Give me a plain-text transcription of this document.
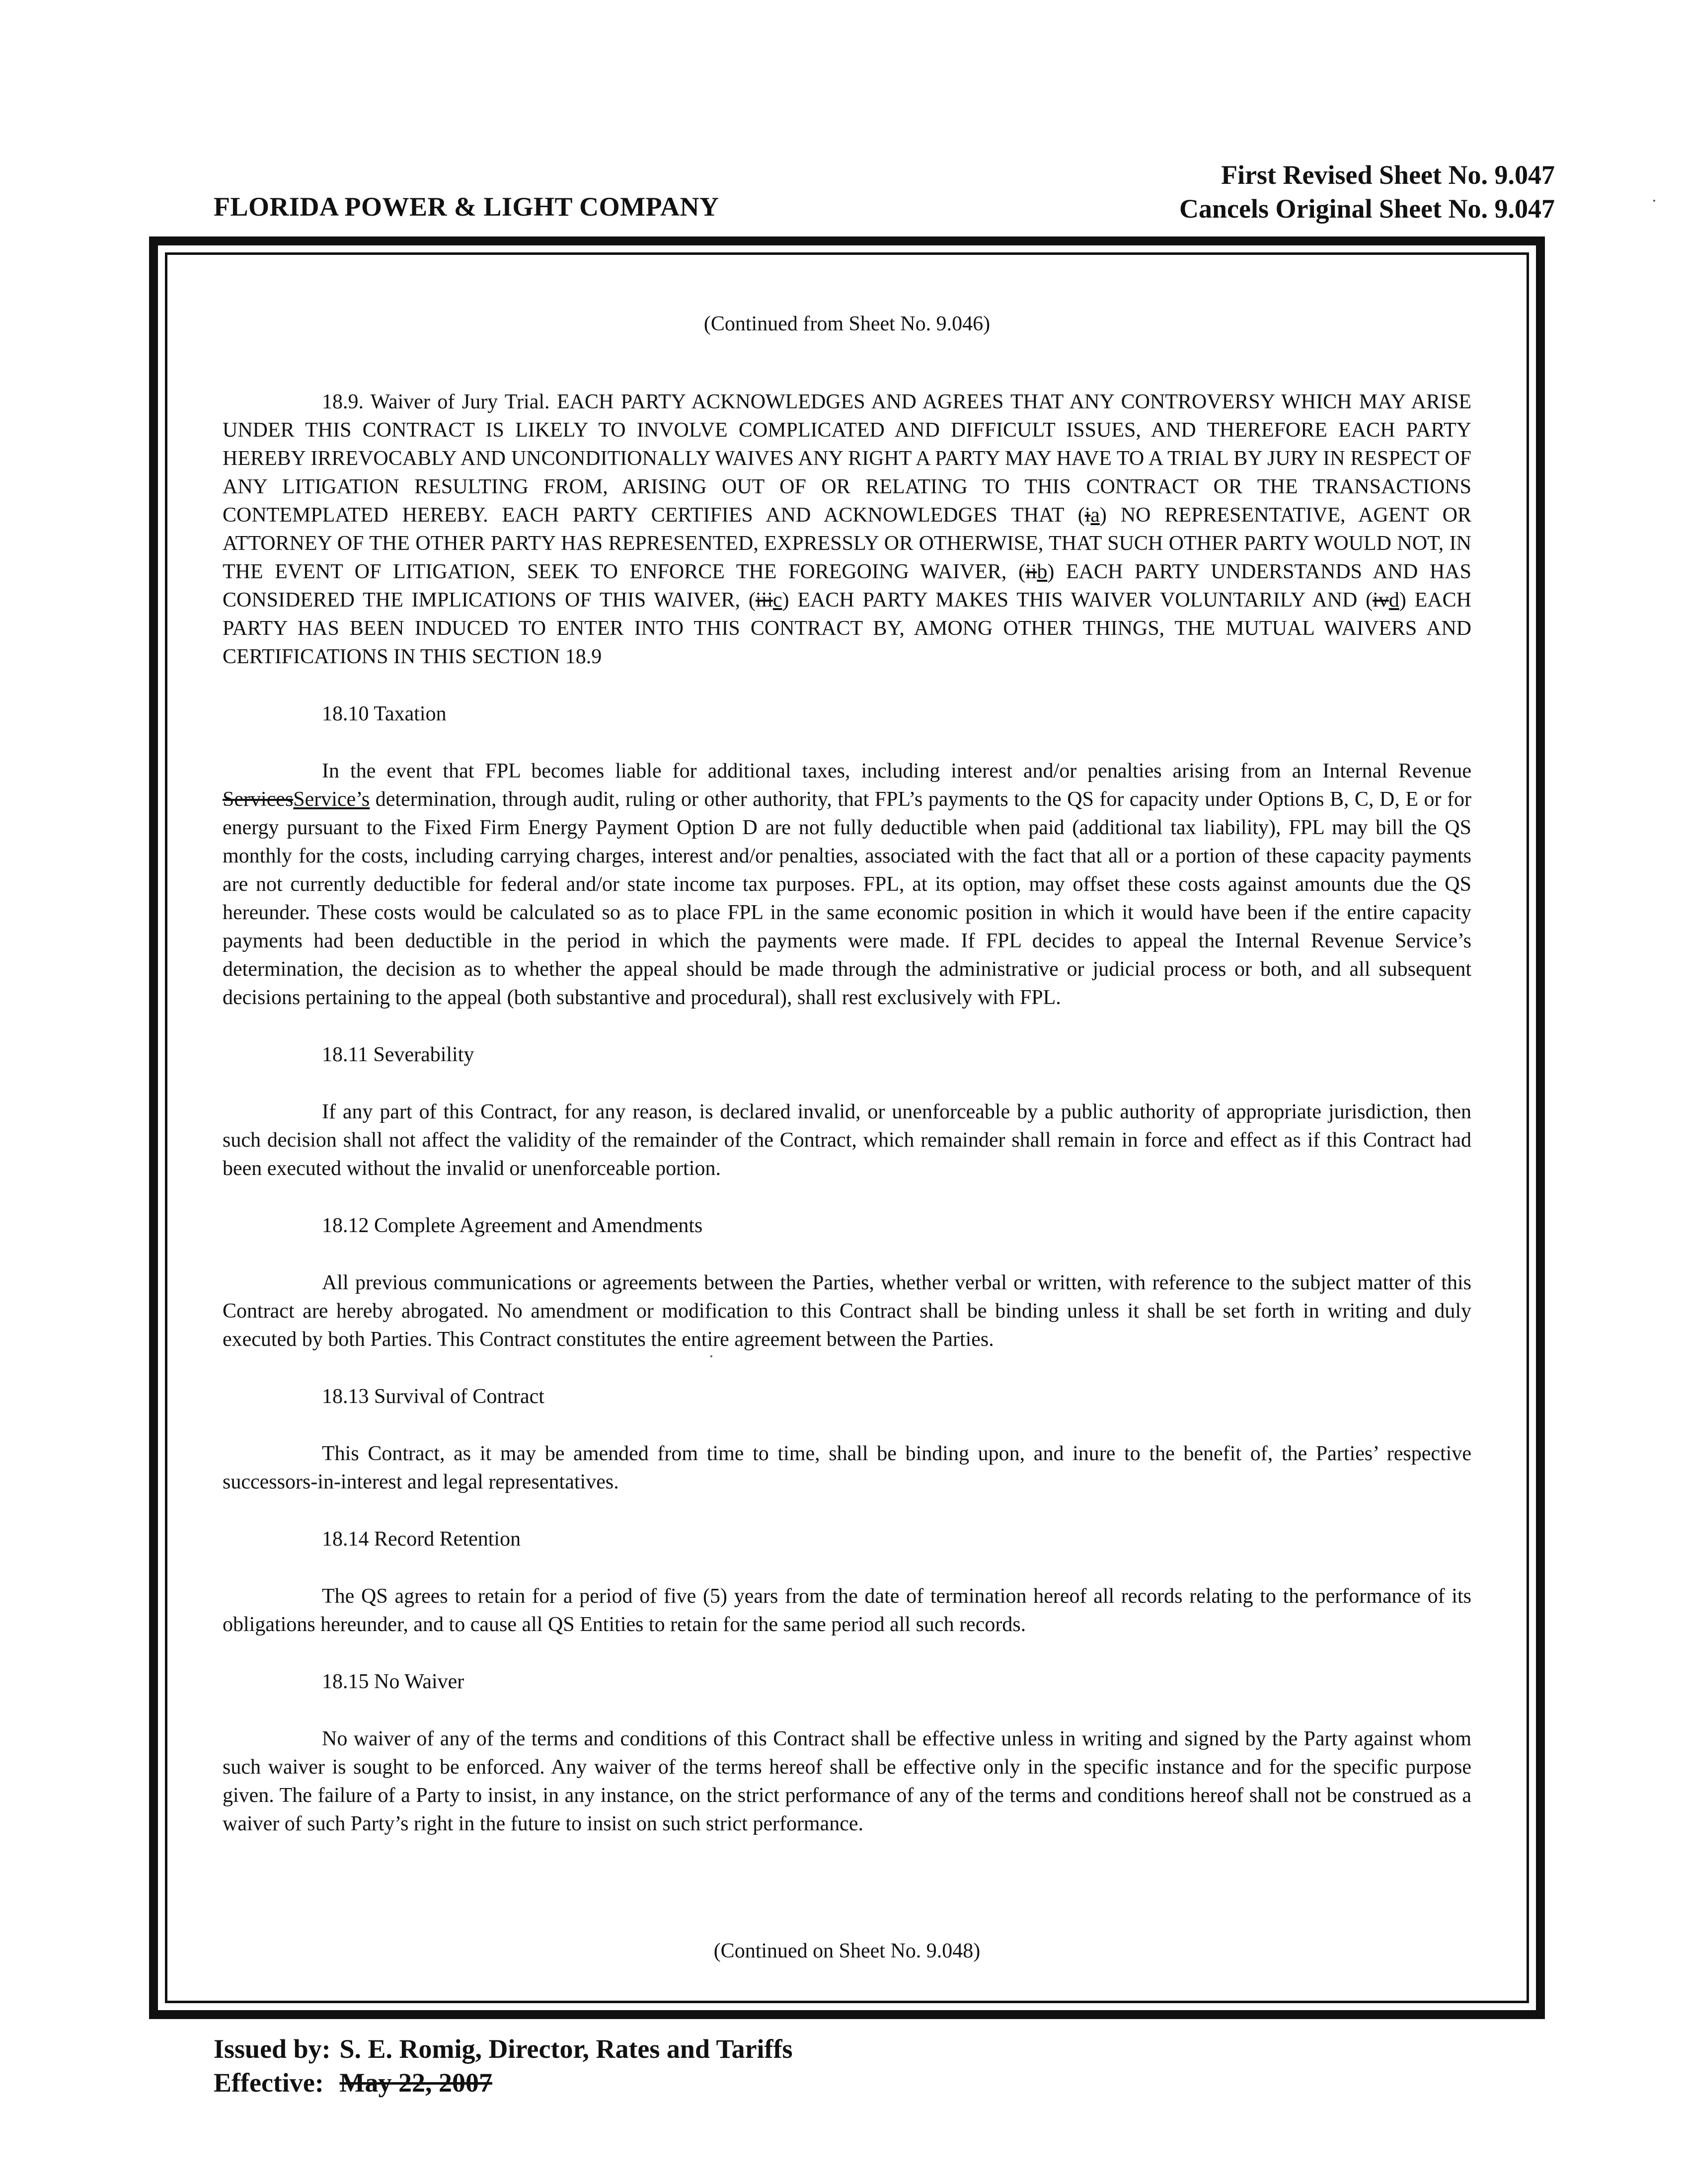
FLORIDA POWER & LIGHT COMPANY
First Revised Sheet No. 9.047
Cancels Original Sheet No. 9.047
(Continued from Sheet No. 9.046)
18.9. Waiver of Jury Trial. EACH PARTY ACKNOWLEDGES AND AGREES THAT ANY CONTROVERSY WHICH MAY ARISE UNDER THIS CONTRACT IS LIKELY TO INVOLVE COMPLICATED AND DIFFICULT ISSUES, AND THEREFORE EACH PARTY HEREBY IRREVOCABLY AND UNCONDITIONALLY WAIVES ANY RIGHT A PARTY MAY HAVE TO A TRIAL BY JURY IN RESPECT OF ANY LITIGATION RESULTING FROM, ARISING OUT OF OR RELATING TO THIS CONTRACT OR THE TRANSACTIONS CONTEMPLATED HEREBY. EACH PARTY CERTIFIES AND ACKNOWLEDGES THAT (ia) NO REPRESENTATIVE, AGENT OR ATTORNEY OF THE OTHER PARTY HAS REPRESENTED, EXPRESSLY OR OTHERWISE, THAT SUCH OTHER PARTY WOULD NOT, IN THE EVENT OF LITIGATION, SEEK TO ENFORCE THE FOREGOING WAIVER, (iib) EACH PARTY UNDERSTANDS AND HAS CONSIDERED THE IMPLICATIONS OF THIS WAIVER, (iiic) EACH PARTY MAKES THIS WAIVER VOLUNTARILY AND (ivd) EACH PARTY HAS BEEN INDUCED TO ENTER INTO THIS CONTRACT BY, AMONG OTHER THINGS, THE MUTUAL WAIVERS AND CERTIFICATIONS IN THIS SECTION 18.9
18.10 Taxation
In the event that FPL becomes liable for additional taxes, including interest and/or penalties arising from an Internal Revenue ServicesService’s determination, through audit, ruling or other authority, that FPL’s payments to the QS for capacity under Options B, C, D, E or for energy pursuant to the Fixed Firm Energy Payment Option D are not fully deductible when paid (additional tax liability), FPL may bill the QS monthly for the costs, including carrying charges, interest and/or penalties, associated with the fact that all or a portion of these capacity payments are not currently deductible for federal and/or state income tax purposes. FPL, at its option, may offset these costs against amounts due the QS hereunder. These costs would be calculated so as to place FPL in the same economic position in which it would have been if the entire capacity payments had been deductible in the period in which the payments were made. If FPL decides to appeal the Internal Revenue Service’s determination, the decision as to whether the appeal should be made through the administrative or judicial process or both, and all subsequent decisions pertaining to the appeal (both substantive and procedural), shall rest exclusively with FPL.
18.11 Severability
If any part of this Contract, for any reason, is declared invalid, or unenforceable by a public authority of appropriate jurisdiction, then such decision shall not affect the validity of the remainder of the Contract, which remainder shall remain in force and effect as if this Contract had been executed without the invalid or unenforceable portion.
18.12 Complete Agreement and Amendments
All previous communications or agreements between the Parties, whether verbal or written, with reference to the subject matter of this Contract are hereby abrogated. No amendment or modification to this Contract shall be binding unless it shall be set forth in writing and duly executed by both Parties. This Contract constitutes the entire agreement between the Parties.
18.13 Survival of Contract
This Contract, as it may be amended from time to time, shall be binding upon, and inure to the benefit of, the Parties’ respective successors-in-interest and legal representatives.
18.14 Record Retention
The QS agrees to retain for a period of five (5) years from the date of termination hereof all records relating to the performance of its obligations hereunder, and to cause all QS Entities to retain for the same period all such records.
18.15 No Waiver
No waiver of any of the terms and conditions of this Contract shall be effective unless in writing and signed by the Party against whom such waiver is sought to be enforced. Any waiver of the terms hereof shall be effective only in the specific instance and for the specific purpose given. The failure of a Party to insist, in any instance, on the strict performance of any of the terms and conditions hereof shall not be construed as a waiver of such Party’s right in the future to insist on such strict performance.
(Continued on Sheet No. 9.048)
Issued by: S. E. Romig, Director, Rates and Tariffs
Effective: May 22, 2007
